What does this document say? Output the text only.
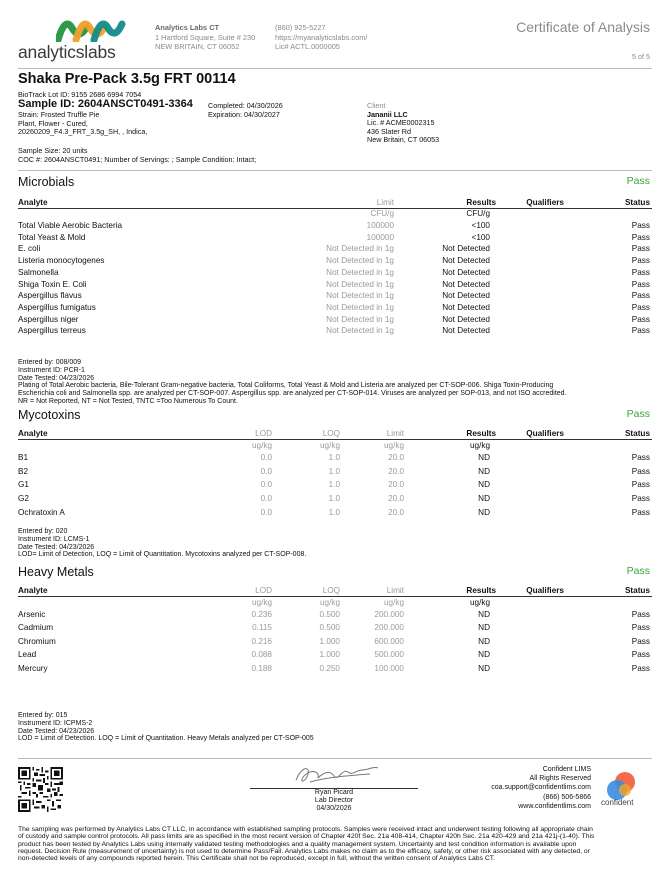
analyticslabs
Analytics Labs CT
1 Hartford Square, Suite # 230
NEW BRITAIN, CT 06052
(860) 925-5227
https://myanalyticslabs.com/
Lic# ACTL.0000005
Certificate of Analysis
5 of 5
Shaka Pre-Pack 3.5g FRT 00114
BioTrack Lot ID: 9155 2686 6994 7054
Sample ID: 2604ANSCT0491-3364
Strain: Frosted Truffle Pie
Plant, Flower - Cured,
20260209_F4.3_FRT_3.5g_SH, , Indica,
Completed: 04/30/2026
Expiration: 04/30/2027
Client
Jananii LLC
Lic. # ACME0002315
436 Slater Rd
New Britain, CT 06053
Sample Size: 20 units
COC #: 2604ANSCT0491; Number of Servings: ; Sample Condition: Intact;
Microbials	Pass
Analyte	Limit	Results	Qualifiers	Status
CFU/g	CFU/g
Total Viable Aerobic Bacteria	100000	<100	Pass
Total Yeast & Mold	100000	<100	Pass
E. coli	Not Detected in 1g	Not Detected	Pass
Listeria monocytogenes	Not Detected in 1g	Not Detected	Pass
Salmonella	Not Detected in 1g	Not Detected	Pass
Shiga Toxin E. Coli	Not Detected in 1g	Not Detected	Pass
Aspergillus flavus	Not Detected in 1g	Not Detected	Pass
Aspergillus fumigatus	Not Detected in 1g	Not Detected	Pass
Aspergillus niger	Not Detected in 1g	Not Detected	Pass
Aspergillus terreus	Not Detected in 1g	Not Detected	Pass
Entered by: 008/009
Instrument ID: PCR-1
Date Tested: 04/23/2026
Plating of Total Aerobic bacteria, Bile-Tolerant Gram-negative bacteria, Total Coliforms, Total Yeast & Mold and Listeria are analyzed per CT-SOP-006. Shiga Toxin-Producing
Escherichia coli and Salmonella spp. are analyzed per CT-SOP-007. Aspergillus spp. are analyzed per CT-SOP-014. Viruses are analyzed per SOP-013, and not ISO accredited.
NR = Not Reported, NT = Not Tested, TNTC =Too Numerous To Count.
Mycotoxins	Pass
Analyte	LOD	LOQ	Limit	Results	Qualifiers	Status
ug/kg	ug/kg	ug/kg	ug/kg
B1	0.0	1.0	20.0	ND	Pass
B2	0.0	1.0	20.0	ND	Pass
G1	0.0	1.0	20.0	ND	Pass
G2	0.0	1.0	20.0	ND	Pass
Ochratoxin A	0.0	1.0	20.0	ND	Pass
Entered by: 020
Instrument ID: LCMS-1
Date Tested: 04/23/2026
LOD= Limit of Detection, LOQ = Limit of Quantitation. Mycotoxins analyzed per CT-SOP-008.
Heavy Metals	Pass
Analyte	LOD	LOQ	Limit	Results	Qualifiers	Status
ug/kg	ug/kg	ug/kg	ug/kg
Arsenic	0.236	0.500	200.000	ND	Pass
Cadmium	0.115	0.500	200.000	ND	Pass
Chromium	0.216	1.000	600.000	ND	Pass
Lead	0.088	1.000	500.000	ND	Pass
Mercury	0.188	0.250	100.000	ND	Pass
Entered by: 015
Instrument ID: ICPMS-2
Date Tested: 04/23/2026
LOD = Limit of Detection. LOQ = Limit of Quantitation. Heavy Metals analyzed per CT-SOP-005
Ryan Picard
Lab Director
04/30/2026
Confident LIMS
All Rights Reserved
coa.support@confidentlims.com
(866) 506-5866
www.confidentlims.com confident
The sampling was performed by Analytics Labs CT LLC, in accordance with established sampling protocols. Samples were received intact and underwent testing following all appropriate chain
of custody and sample control protocols. All pass limits are as specified in the most recent version of Chapter 420f Sec. 21a 408-414, Chapter 420h Sec. 21a 420-429 and 21a 421j-(1-40). This
product has been tested by Analytics Labs using internally validated testing methodologies and a quality management system. Uncertainty and test condition information is available upon
request. Decision Rule (measurement of uncertainty) is not used to determine Pass/Fail. Analytics Labs makes no claim as to the efficacy, safety, or other risk associated with any detected, or
non-detected levels of any compounds reported herein. This Certificate shall not be reproduced, except in full, without the written consent of Analytics Labs CT.
